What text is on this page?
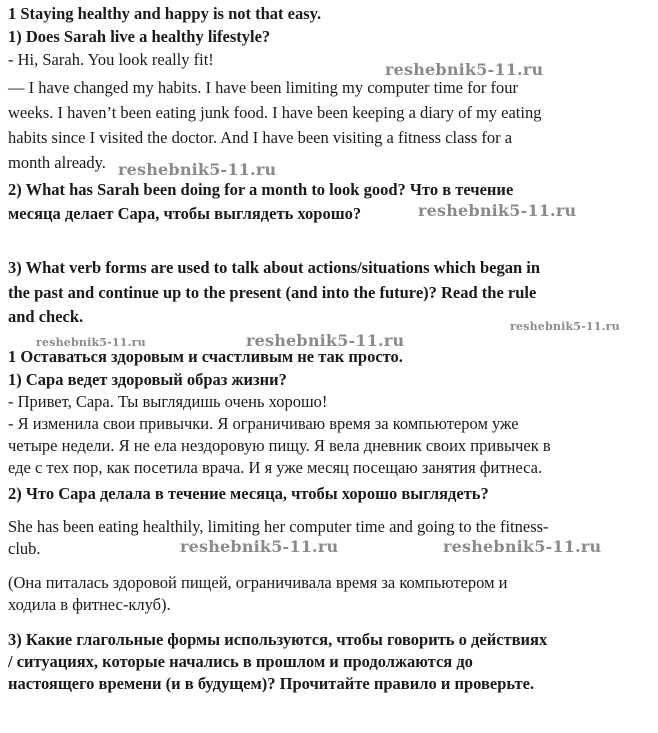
1 Staying healthy and happy is not that easy.
1) Does Sarah live a healthy lifestyle?
- Hi, Sarah. You look really fit!
— I have changed my habits. I have been limiting my computer time for four
weeks. I haven’t been eating junk food. I have been keeping a diary of my eating
habits since I visited the doctor. And I have been visiting a fitness class for a
month already.
2) What has Sarah been doing for a month to look good? Что в течение
месяца делает Сара, чтобы выглядеть хорошо?
3) What verb forms are used to talk about actions/situations which began in
the past and continue up to the present (and into the future)? Read the rule
and check.
1 Оставаться здоровым и счастливым не так просто.
1) Сара ведет здоровый образ жизни?
- Привет, Сара. Ты выглядишь очень хорошо!
- Я изменила свои привычки. Я ограничиваю время за компьютером уже
четыре недели. Я не ела нездоровую пищу. Я вела дневник своих привычек в
еде с тех пор, как посетила врача. И я уже месяц посещаю занятия фитнеса.
2) Что Сара делала в течение месяца, чтобы хорошо выглядеть?
She has been eating healthily, limiting her computer time and going to the fitness-
club.
(Она питалась здоровой пищей, ограничивала время за компьютером и
ходила в фитнес-клуб).
3) Какие глагольные формы используются, чтобы говорить о действиях
/ ситуациях, которые начались в прошлом и продолжаются до
настоящего времени (и в будущем)? Прочитайте правило и проверьте.
reshebnik5-11.ru
reshebnik5-11.ru
reshebnik5-11.ru
reshebnik5-11.ru	reshebnik5-11.ru
reshebnik5-11.ru
reshebnik5-11.ru	reshebnik5-11.ru
